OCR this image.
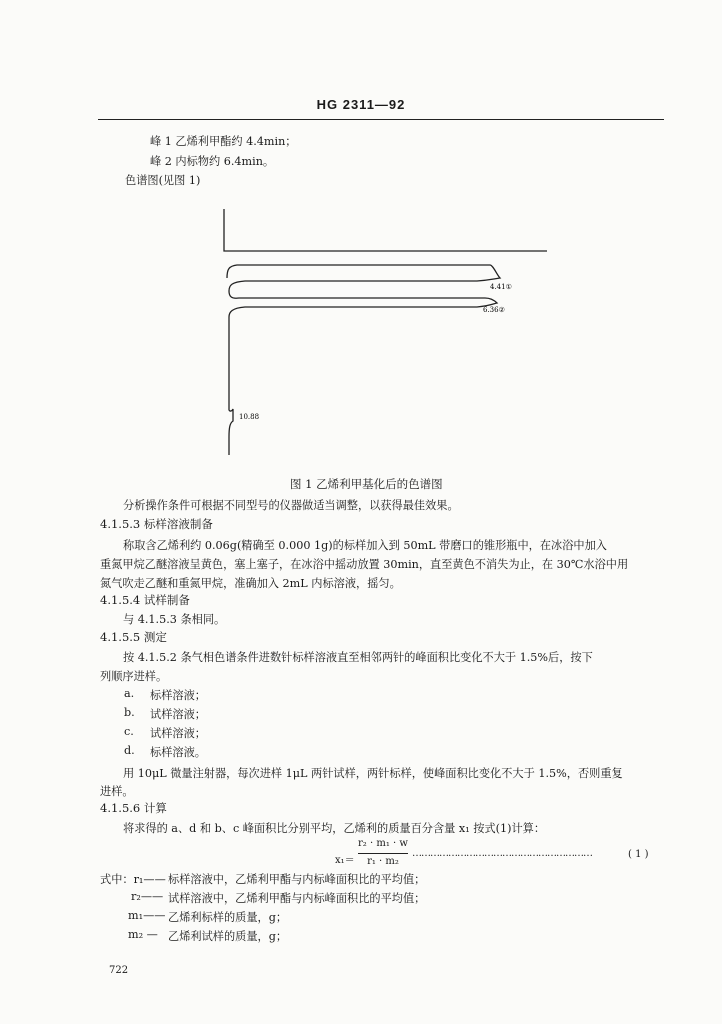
HG 2311—92
峰 1 乙烯利甲酯约 4.4min；
峰 2 内标物约 6.4min。
色谱图(见图 1)
4.41①
6.36②
10.88
图 1 乙烯利甲基化后的色谱图
分析操作条件可根据不同型号的仪器做适当调整，以获得最佳效果。
4.1.5.3 标样溶液制备
称取含乙烯利约 0.06g(精确至 0.000 1g)的标样加入到 50mL 带磨口的锥形瓶中，在冰浴中加入
重氮甲烷乙醚溶液呈黄色，塞上塞子，在冰浴中摇动放置 30min，直至黄色不消失为止，在 30℃水浴中用
氮气吹走乙醚和重氮甲烷，准确加入 2mL 内标溶液，摇匀。
4.1.5.4 试样制备
与 4.1.5.3 条相同。
4.1.5.5 测定
按 4.1.5.2 条气相色谱条件进数针标样溶液直至相邻两针的峰面积比变化不大于 1.5%后，按下
列顺序进样。
a. 标样溶液；
b. 试样溶液；
c. 试样溶液；
d. 标样溶液。
用 10μL 微量注射器，每次进样 1μL 两针试样，两针标样，使峰面积比变化不大于 1.5%，否则重复
进样。
4.1.5.6 计算
将求得的 a、d 和 b、c 峰面积比分别平均，乙烯利的质量百分含量 x₁ 按式(1)计算：
x₁＝
r₂ · m₁ · w
r₁ · m₂
……………………………………………………	( 1 )
式中：r₁—— 标样溶液中，乙烯利甲酯与内标峰面积比的平均值；
r₂—— 试样溶液中，乙烯利甲酯与内标峰面积比的平均值；
m₁—— 乙烯利标样的质量，g；
m₂ — 乙烯利试样的质量，g；
722
